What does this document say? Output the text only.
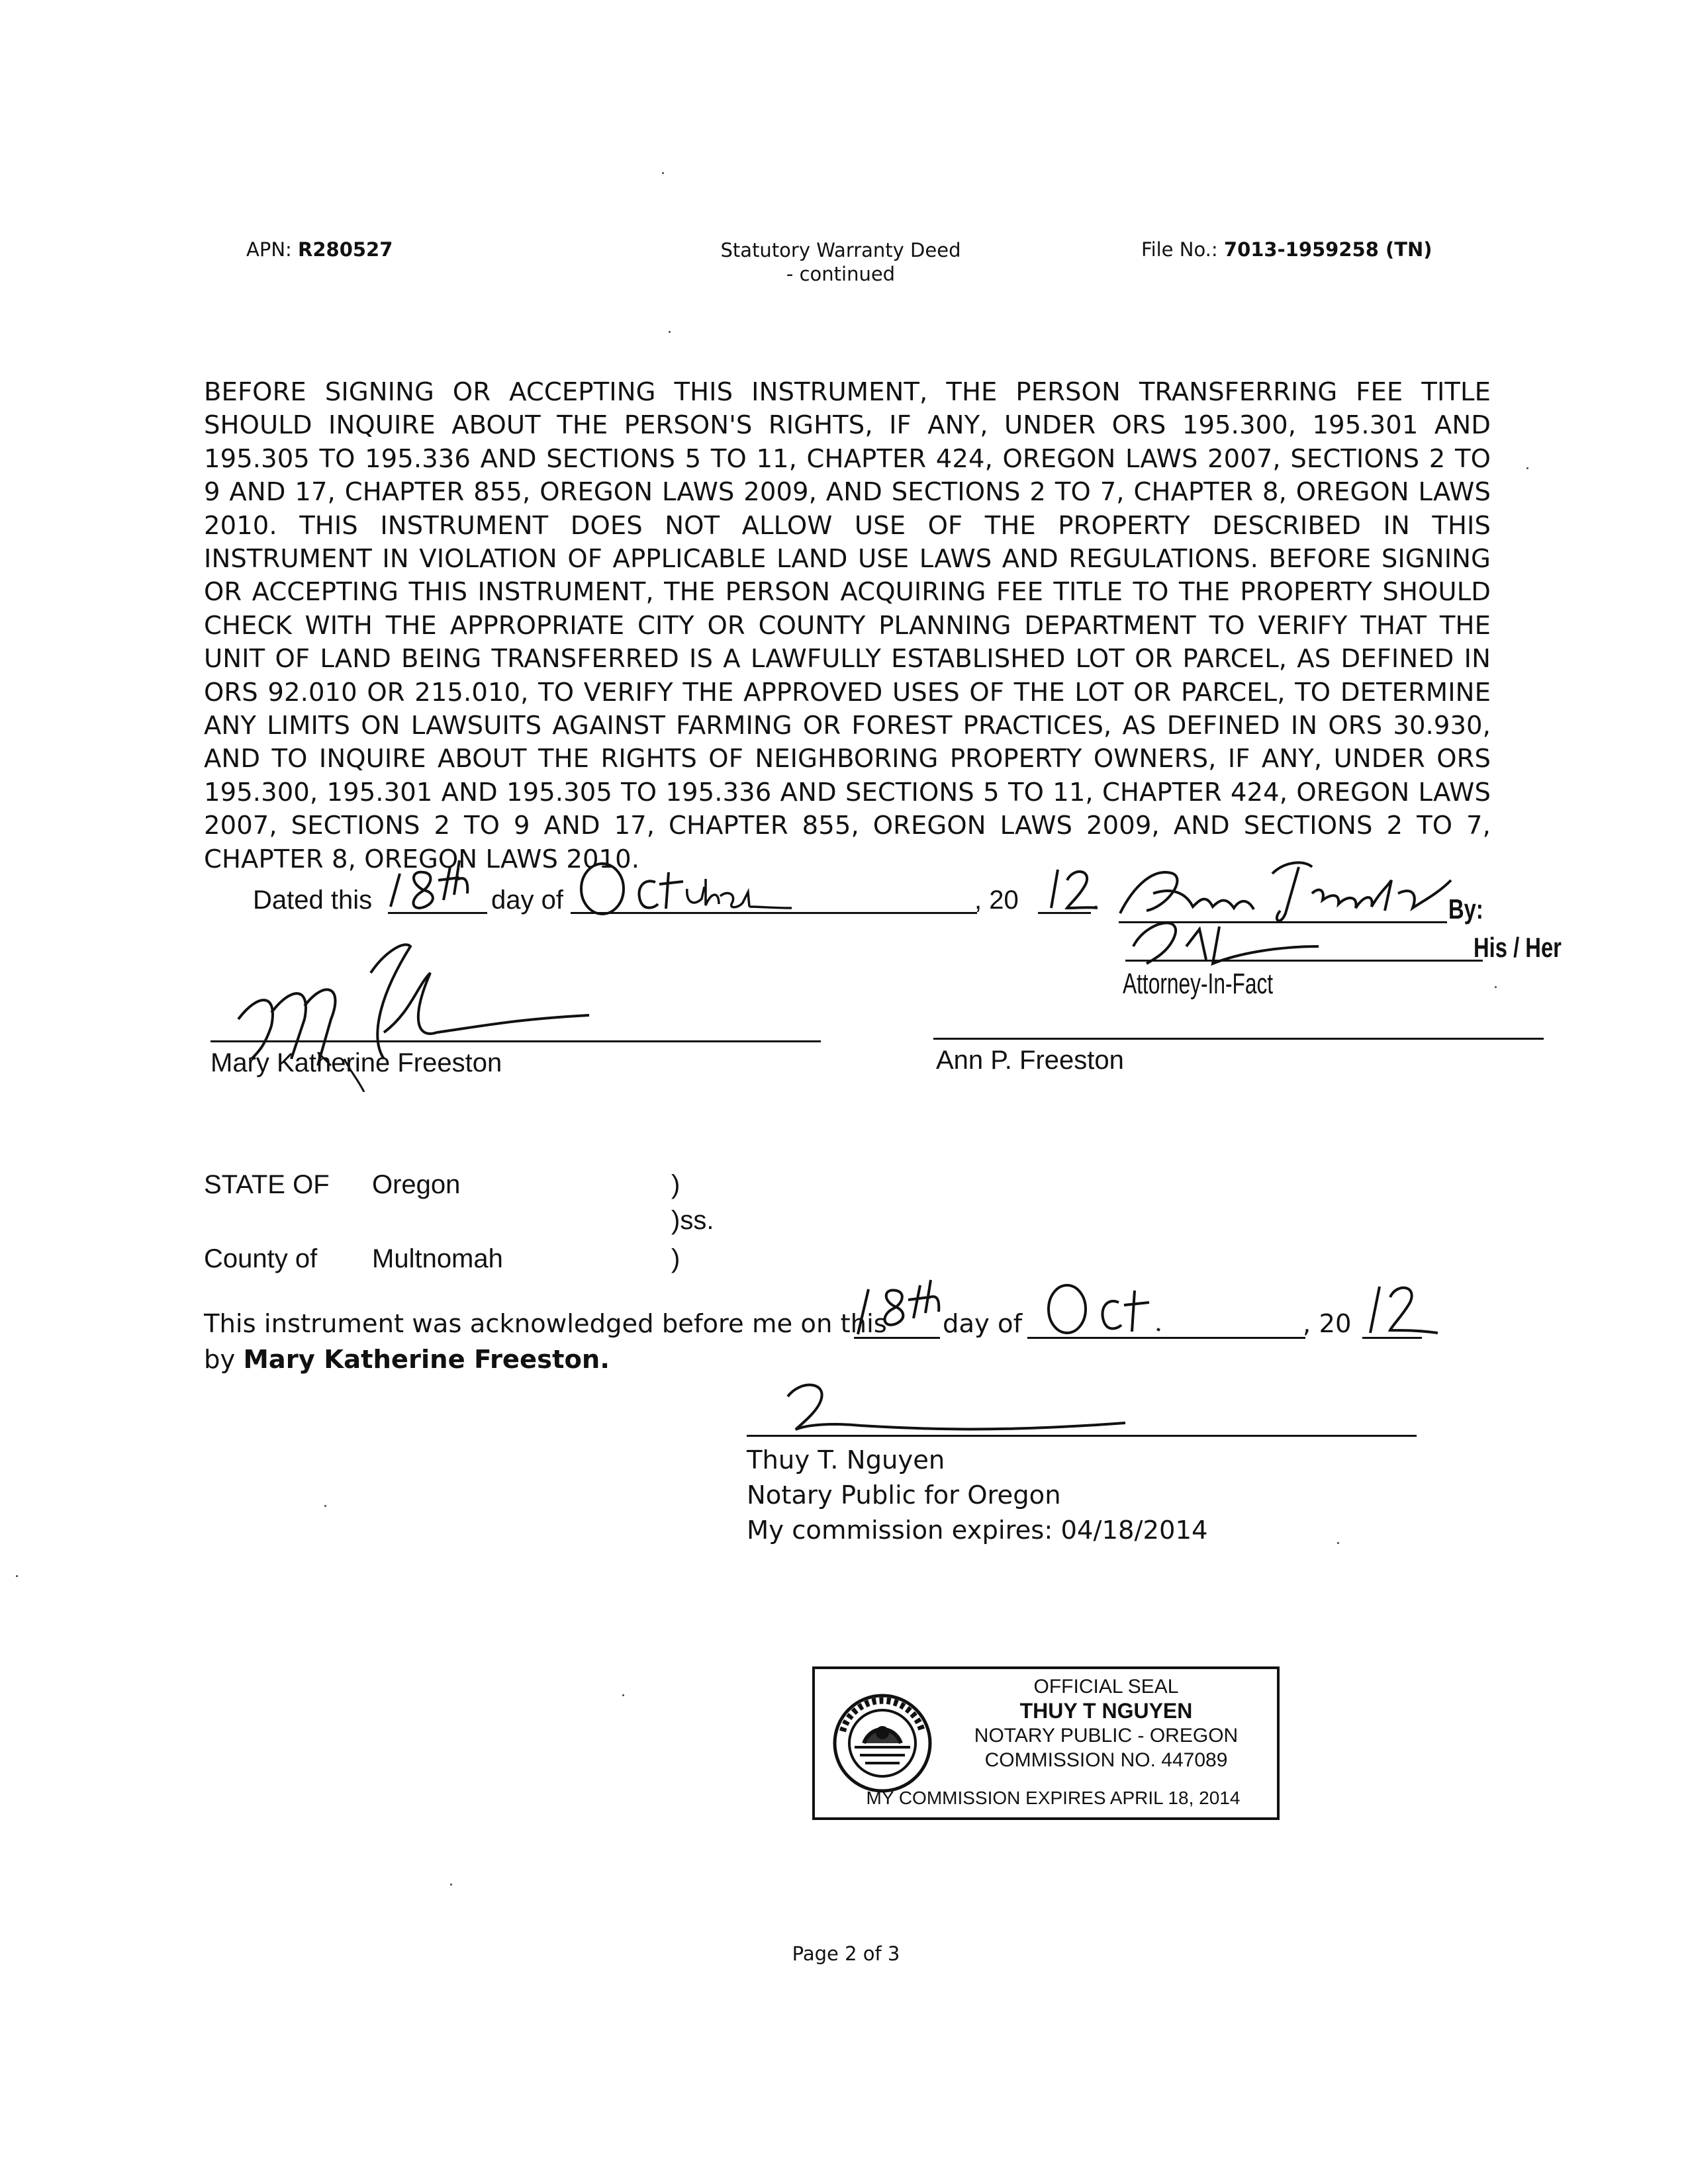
APN: R280527	Statutory Warranty Deed
- continued
File No.: 7013-1959258 (TN)
BEFORE SIGNING OR ACCEPTING THIS INSTRUMENT, THE PERSON TRANSFERRING FEE TITLE SHOULD INQUIRE ABOUT THE PERSON'S RIGHTS, IF ANY, UNDER ORS 195.300, 195.301 AND 195.305 TO 195.336 AND SECTIONS 5 TO 11, CHAPTER 424, OREGON LAWS 2007, SECTIONS 2 TO 9 AND 17, CHAPTER 855, OREGON LAWS 2009, AND SECTIONS 2 TO 7, CHAPTER 8, OREGON LAWS 2010. THIS INSTRUMENT DOES NOT ALLOW USE OF THE PROPERTY DESCRIBED IN THIS INSTRUMENT IN VIOLATION OF APPLICABLE LAND USE LAWS AND REGULATIONS. BEFORE SIGNING OR ACCEPTING THIS INSTRUMENT, THE PERSON ACQUIRING FEE TITLE TO THE PROPERTY SHOULD CHECK WITH THE APPROPRIATE CITY OR COUNTY PLANNING DEPARTMENT TO VERIFY THAT THE UNIT OF LAND BEING TRANSFERRED IS A LAWFULLY ESTABLISHED LOT OR PARCEL, AS DEFINED IN ORS 92.010 OR 215.010, TO VERIFY THE APPROVED USES OF THE LOT OR PARCEL, TO DETERMINE ANY LIMITS ON LAWSUITS AGAINST FARMING OR FOREST PRACTICES, AS DEFINED IN ORS 30.930, AND TO INQUIRE ABOUT THE RIGHTS OF NEIGHBORING PROPERTY OWNERS, IF ANY, UNDER ORS 195.300, 195.301 AND 195.305 TO 195.336 AND SECTIONS 5 TO 11, CHAPTER 424, OREGON LAWS 2007, SECTIONS 2 TO 9 AND 17, CHAPTER 855, OREGON LAWS 2009, AND SECTIONS 2 TO 7, CHAPTER 8, OREGON LAWS 2010.
Dated this	day of	, 20	.	By:
His / Her
Attorney-In-Fact
Ann P. Freeston
Mary Katherine Freeston
STATE OF Oregon	)
)ss.
County of Multnomah	)
This instrument was acknowledged before me on this day of	, 20
by Mary Katherine Freeston.
Thuy T. Nguyen
Notary Public for Oregon
My commission expires: 04/18/2014
OFFICIAL SEAL
THUY T NGUYEN
NOTARY PUBLIC - OREGON
COMMISSION NO. 447089
MY COMMISSION EXPIRES APRIL 18, 2014
Page 2 of 3
